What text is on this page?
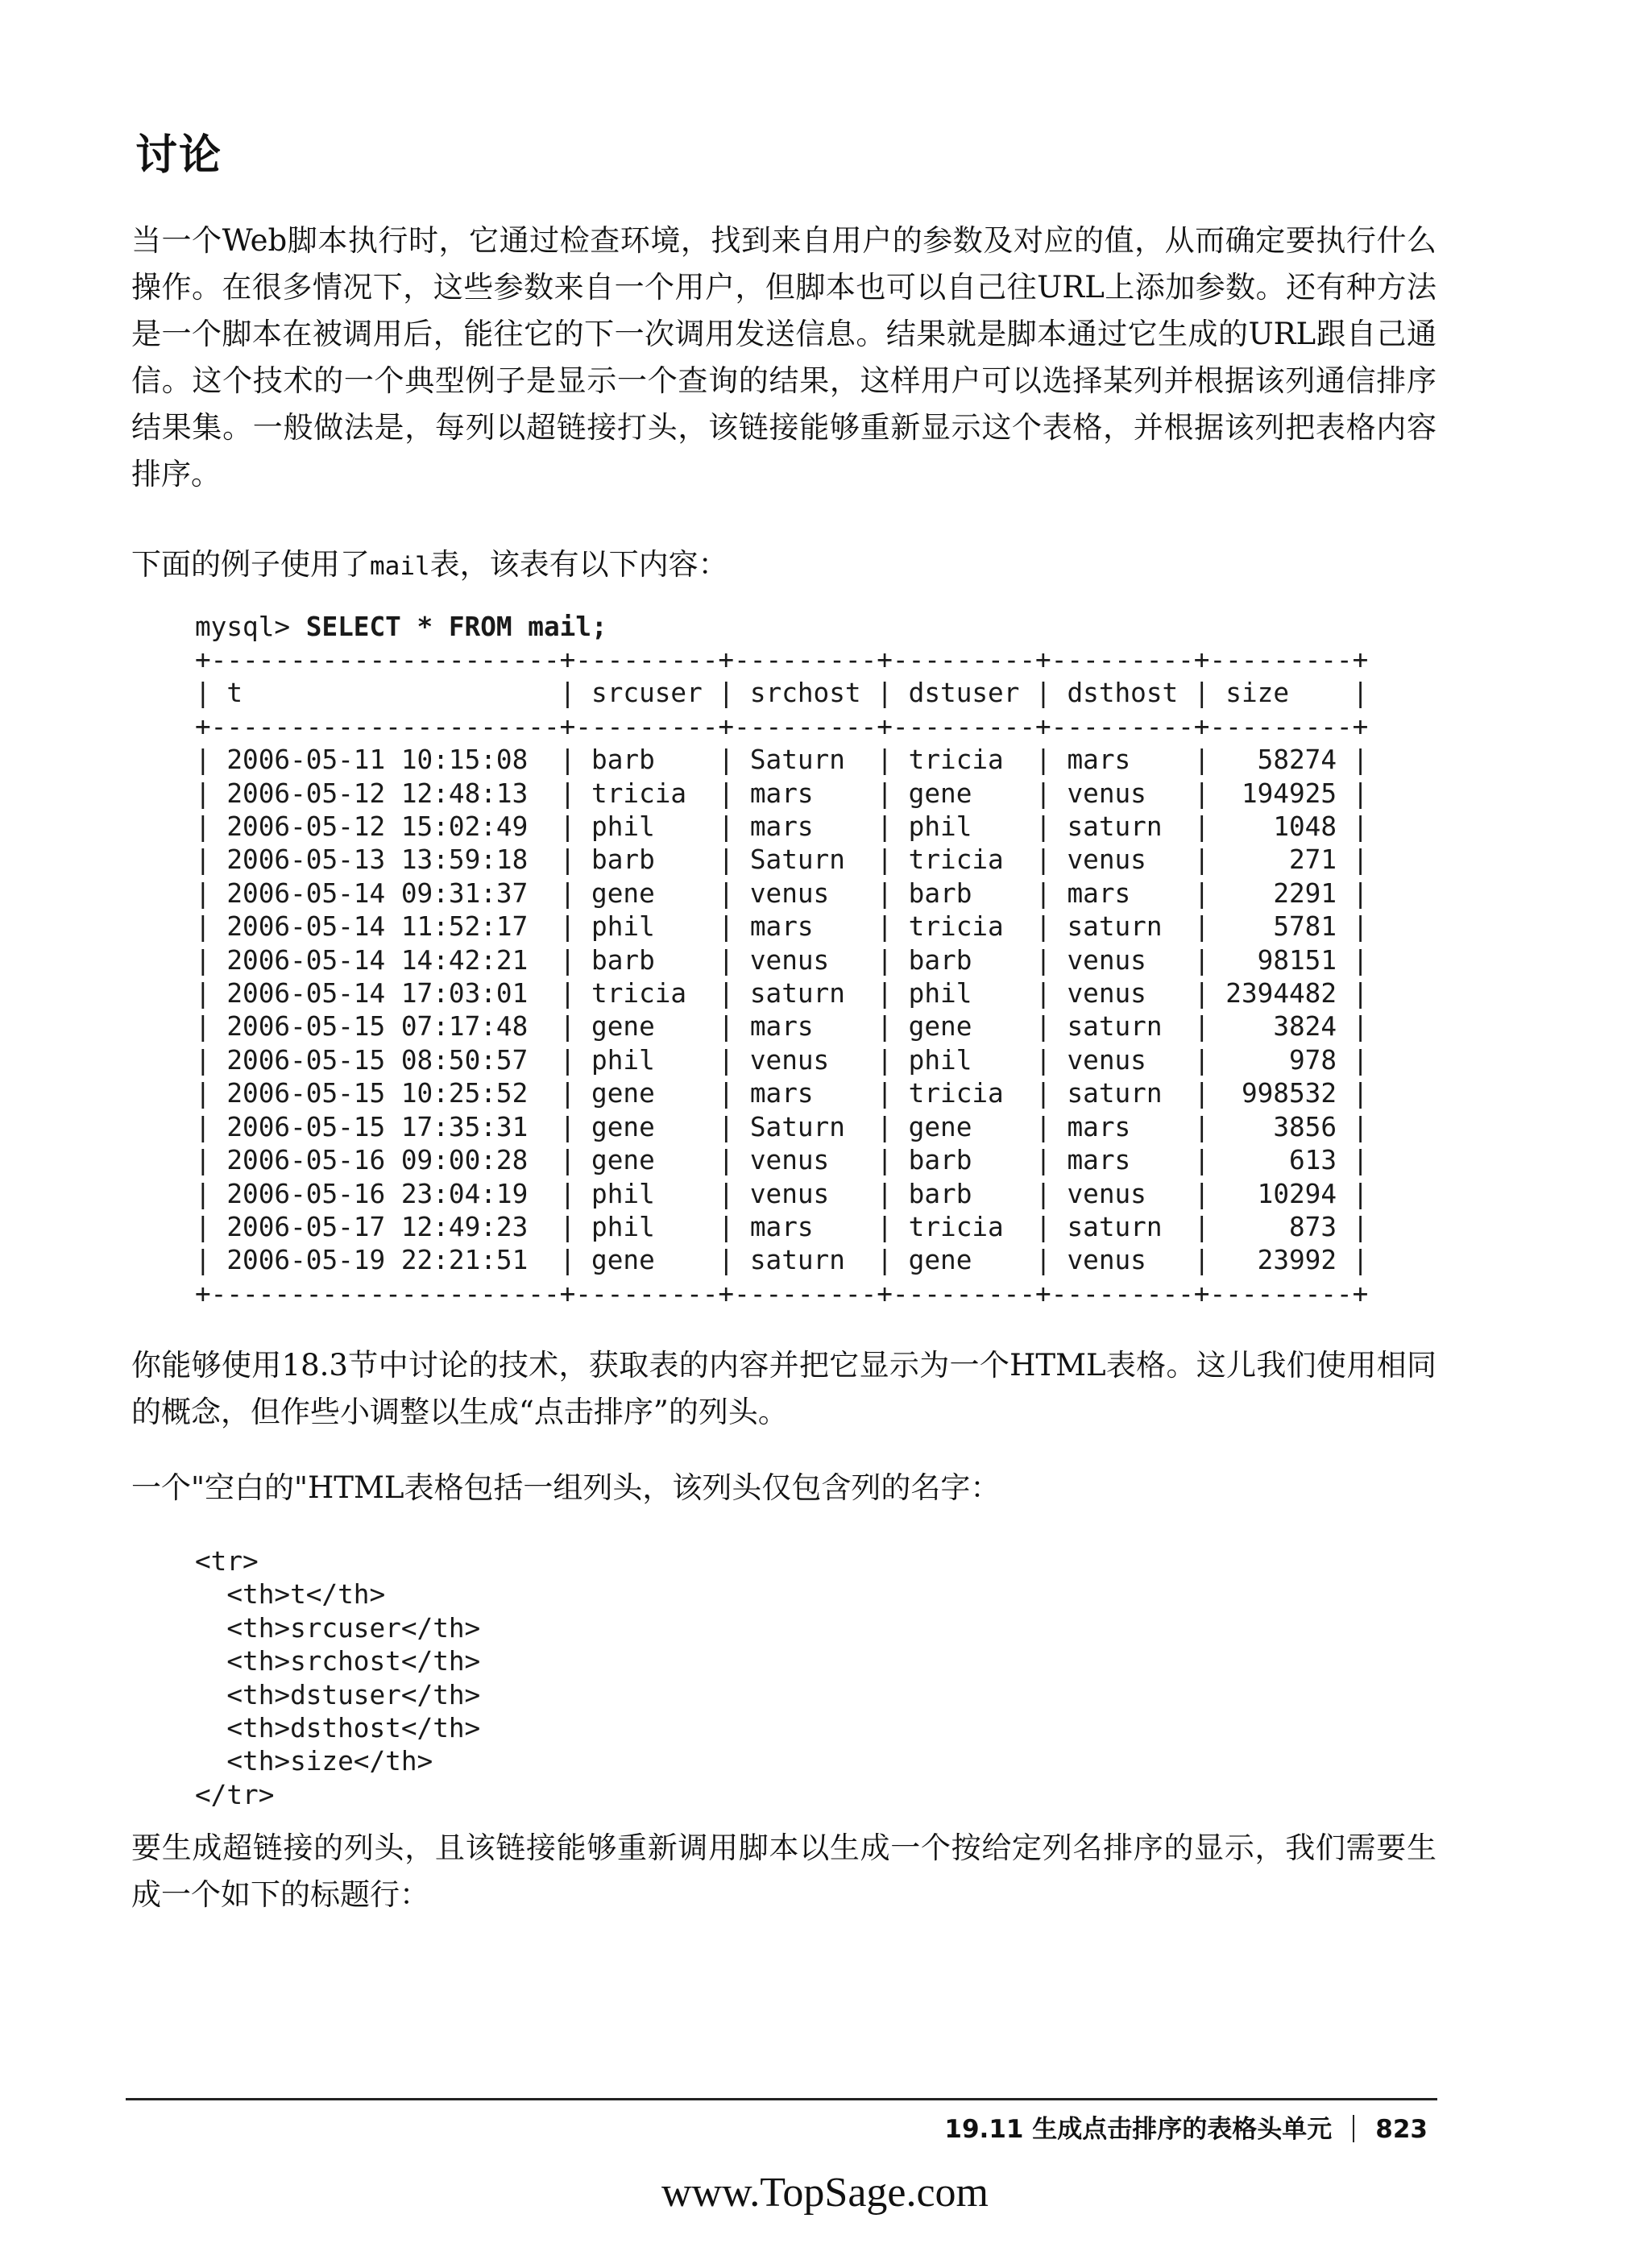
讨论

当一个Web脚本执行时，它通过检查环境，找到来自用户的参数及对应的值，从而确定要执行什么操作。在很多情况下，这些参数来自一个用户，但脚本也可以自己往URL上添加参数。还有种方法是一个脚本在被调用后，能往它的下一次调用发送信息。结果就是脚本通过它生成的URL跟自己通信。这个技术的一个典型例子是显示一个查询的结果，这样用户可以选择某列并根据该列通信排序结果集。一般做法是，每列以超链接打头，该链接能够重新显示这个表格，并根据该列把表格内容排序。

下面的例子使用了mail表，该表有以下内容：

mysql> SELECT * FROM mail;
+----------------------+---------+---------+---------+---------+---------+
| t                    | srcuser | srchost | dstuser | dsthost | size    |
+----------------------+---------+---------+---------+---------+---------+
| 2006-05-11 10:15:08  | barb    | Saturn  | tricia  | mars    | 58274 |
| 2006-05-12 12:48:13  | tricia  | mars    | gene    | venus   | 194925 |
| 2006-05-12 15:02:49  | phil    | mars    | phil    | saturn  | 1048 |
| 2006-05-13 13:59:18  | barb    | Saturn  | tricia  | venus   |	271 |
| 2006-05-14 09:31:37  | gene    | venus   | barb    | mars    | 2291 |
| 2006-05-14 11:52:17  | phil    | mars    | tricia  | saturn  | 5781 |
| 2006-05-14 14:42:21  | barb    | venus   | barb    | venus   | 98151 |
| 2006-05-14 17:03:01  | tricia  | saturn  | phil    | venus   | 2394482 |
| 2006-05-15 07:17:48  | gene    | mars    | gene    | saturn  | 3824 |
| 2006-05-15 08:50:57  | phil    | venus   | phil    | venus   |	978 |
| 2006-05-15 10:25:52  | gene    | mars    | tricia  | saturn  | 998532 |
| 2006-05-15 17:35:31  | gene    | Saturn  | gene    | mars    | 3856 |
| 2006-05-16 09:00:28  | gene    | venus   | barb    | mars    |	613 |
| 2006-05-16 23:04:19  | phil    | venus   | barb    | venus   | 10294 |
| 2006-05-17 12:49:23  | phil    | mars    | tricia  | saturn  |	873 |
| 2006-05-19 22:21:51  | gene    | saturn  | gene    | venus   | 23992 |
+----------------------+---------+---------+---------+---------+---------+

你能够使用18.3节中讨论的技术，获取表的内容并把它显示为一个HTML表格。这儿我们使用相同的概念，但作些小调整以生成“点击排序”的列头。

一个"空白的"HTML表格包括一组列头，该列头仅包含列的名字：

<tr>
<th>t</th>
<th>srcuser</th>
<th>srchost</th>
<th>dstuser</th>
<th>dsthost</th>
<th>size</th>
</tr>

要生成超链接的列头，且该链接能够重新调用脚本以生成一个按给定列名排序的显示，我们需要生成一个如下的标题行：

19.11 生成点击排序的表格头单元 823
www.TopSage.com
